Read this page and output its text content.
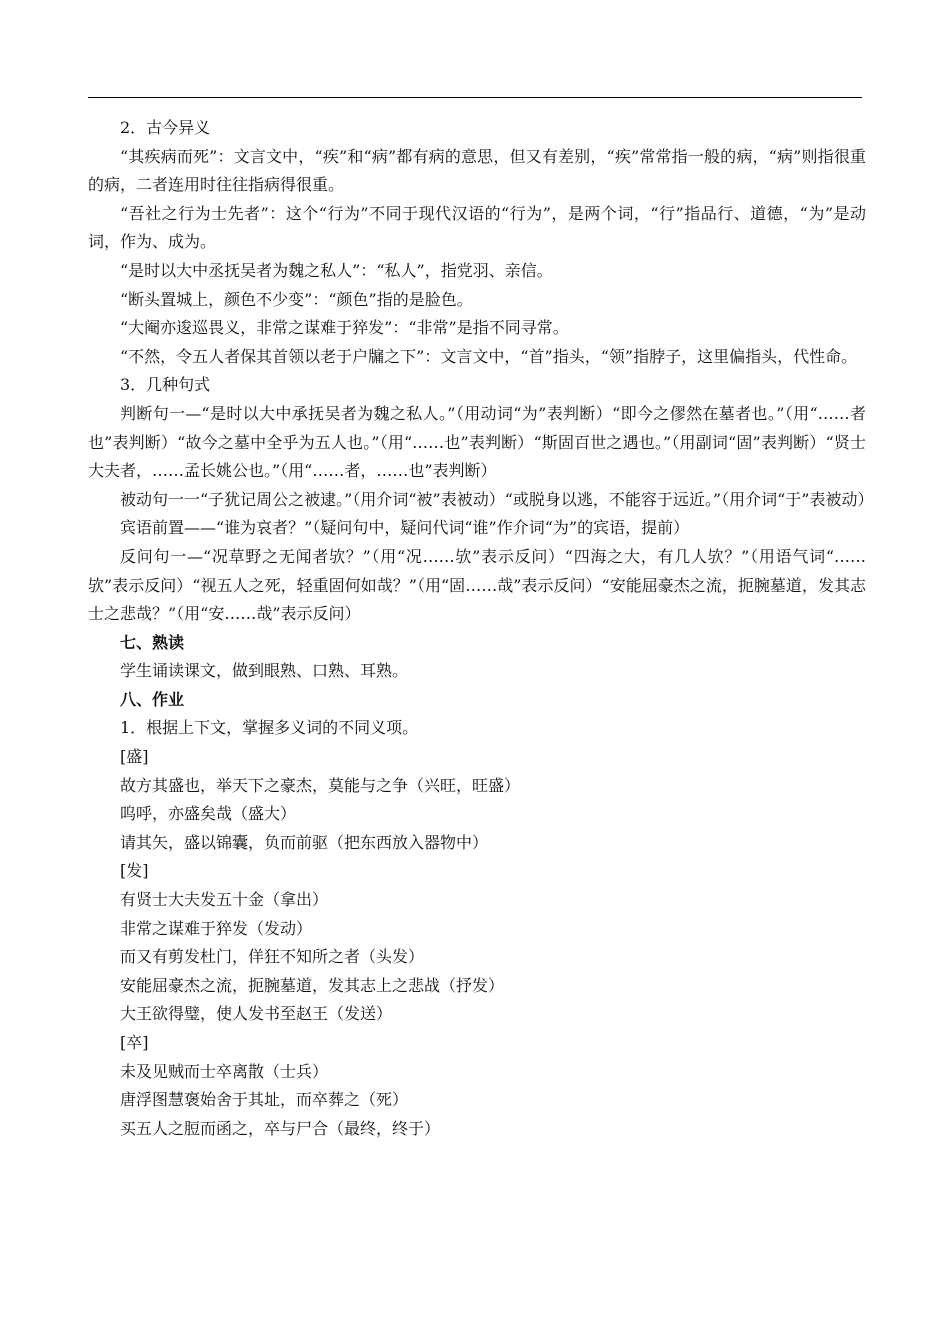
2．古今异义

“其疾病而死”：文言文中，“疾”和“病”都有病的意思，但又有差别，“疾”常常指一般的病，“病”则指很重的病，二者连用时往往指病得很重。

“吾社之行为士先者”：这个“行为”不同于现代汉语的“行为”，是两个词，“行”指品行、道德，“为”是动词，作为、成为。

“是时以大中丞抚吴者为魏之私人”：“私人”，指党羽、亲信。

“断头置城上，颜色不少变”：“颜色”指的是脸色。

“大阉亦逡巡畏义，非常之谋难于猝发”：“非常”是指不同寻常。

“不然，令五人者保其首领以老于户牖之下”：文言文中，“首”指头，“领”指脖子，这里偏指头，代性命。

3．几种句式

判断句一—“是时以大中承抚吴者为魏之私人。”（用动词“为”表判断）“即今之僇然在墓者也。”（用“……者也”表判断）“故今之墓中全乎为五人也。”（用“……也”表判断）“斯固百世之遇也。”（用副词“固”表判断）“贤士大夫者，……孟长姚公也。”（用“……者，……也”表判断）

被动句一一“子犹记周公之被逮。”（用介词“被”表被动）“或脱身以逃，不能容于远近。”（用介词“于”表被动）

宾语前置——“谁为哀者？”（疑问句中，疑问代词“谁”作介词“为”的宾语，提前）

反问句一—“况草野之无闻者欤？”（用“况……欤”表示反问）“四海之大，有几人欤？”（用语气词“……欤”表示反问）“视五人之死，轻重固何如哉？”（用“固……哉”表示反问）“安能屈豪杰之流，扼腕墓道，发其志士之悲哉？”（用“安……哉”表示反问）

七、熟读

学生诵读课文，做到眼熟、口熟、耳熟。

八、作业

1．根据上下文，掌握多义词的不同义项。

[盛]

故方其盛也，举天下之豪杰，莫能与之争（兴旺，旺盛）

呜呼，亦盛矣哉（盛大）

请其矢，盛以锦囊，负而前驱（把东西放入器物中）

[发]

有贤士大夫发五十金（拿出）

非常之谋难于猝发（发动）

而又有剪发杜门，佯狂不知所之者（头发）

安能屈豪杰之流，扼腕墓道，发其志上之悲战（抒发）

大王欲得璧，使人发书至赵王（发送）

[卒]

未及见贼而士卒离散（士兵）

唐浮图慧褒始舍于其址，而卒葬之（死）

买五人之脰而函之，卒与尸合（最终，终于）
